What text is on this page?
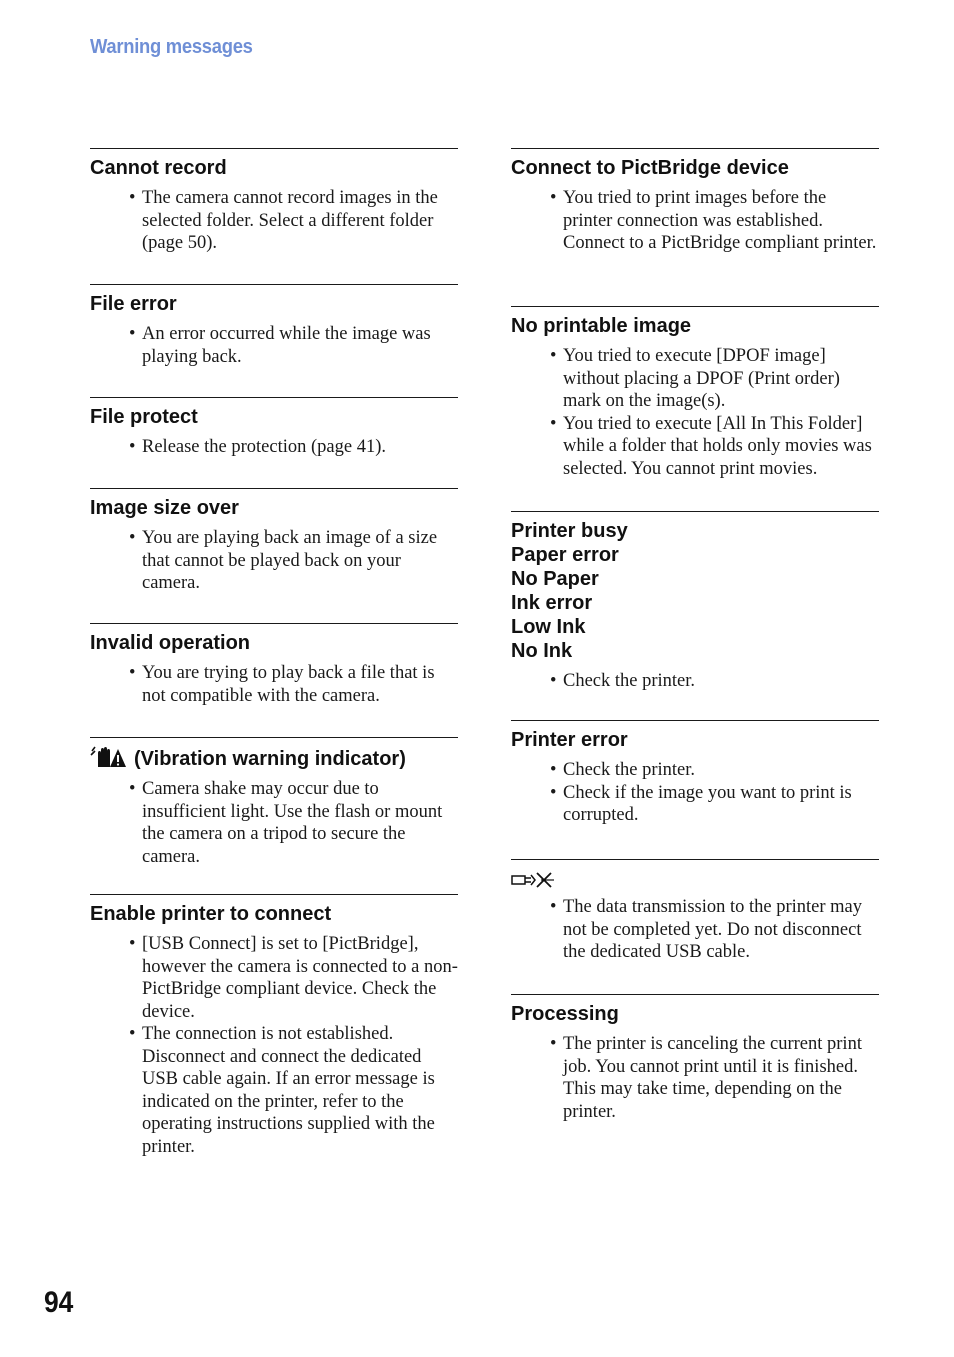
Warning messages
Cannot record
• The camera cannot record images in the selected folder. Select a different folder (page 50).
File error
• An error occurred while the image was playing back.
File protect
• Release the protection (page 41).
Image size over
• You are playing back an image of a size that cannot be played back on your camera.
Invalid operation
• You are trying to play back a file that is not compatible with the camera.
(Vibration warning indicator)
• Camera shake may occur due to insufficient light. Use the flash or mount the camera on a tripod to secure the camera.
Enable printer to connect
• [USB Connect] is set to [PictBridge], however the camera is connected to a non-PictBridge compliant device. Check the device.
• The connection is not established. Disconnect and connect the dedicated USB cable again. If an error message is indicated on the printer, refer to the operating instructions supplied with the printer.
Connect to PictBridge device
• You tried to print images before the printer connection was established. Connect to a PictBridge compliant printer.
No printable image
• You tried to execute [DPOF image] without placing a DPOF (Print order) mark on the image(s).
• You tried to execute [All In This Folder] while a folder that holds only movies was selected. You cannot print movies.
Printer busy
Paper error
No Paper
Ink error
Low Ink
No Ink
• Check the printer.
Printer error
• Check the printer.
• Check if the image you want to print is corrupted.
• The data transmission to the printer may not be completed yet. Do not disconnect the dedicated USB cable.
Processing
• The printer is canceling the current print job. You cannot print until it is finished. This may take time, depending on the printer.
94
